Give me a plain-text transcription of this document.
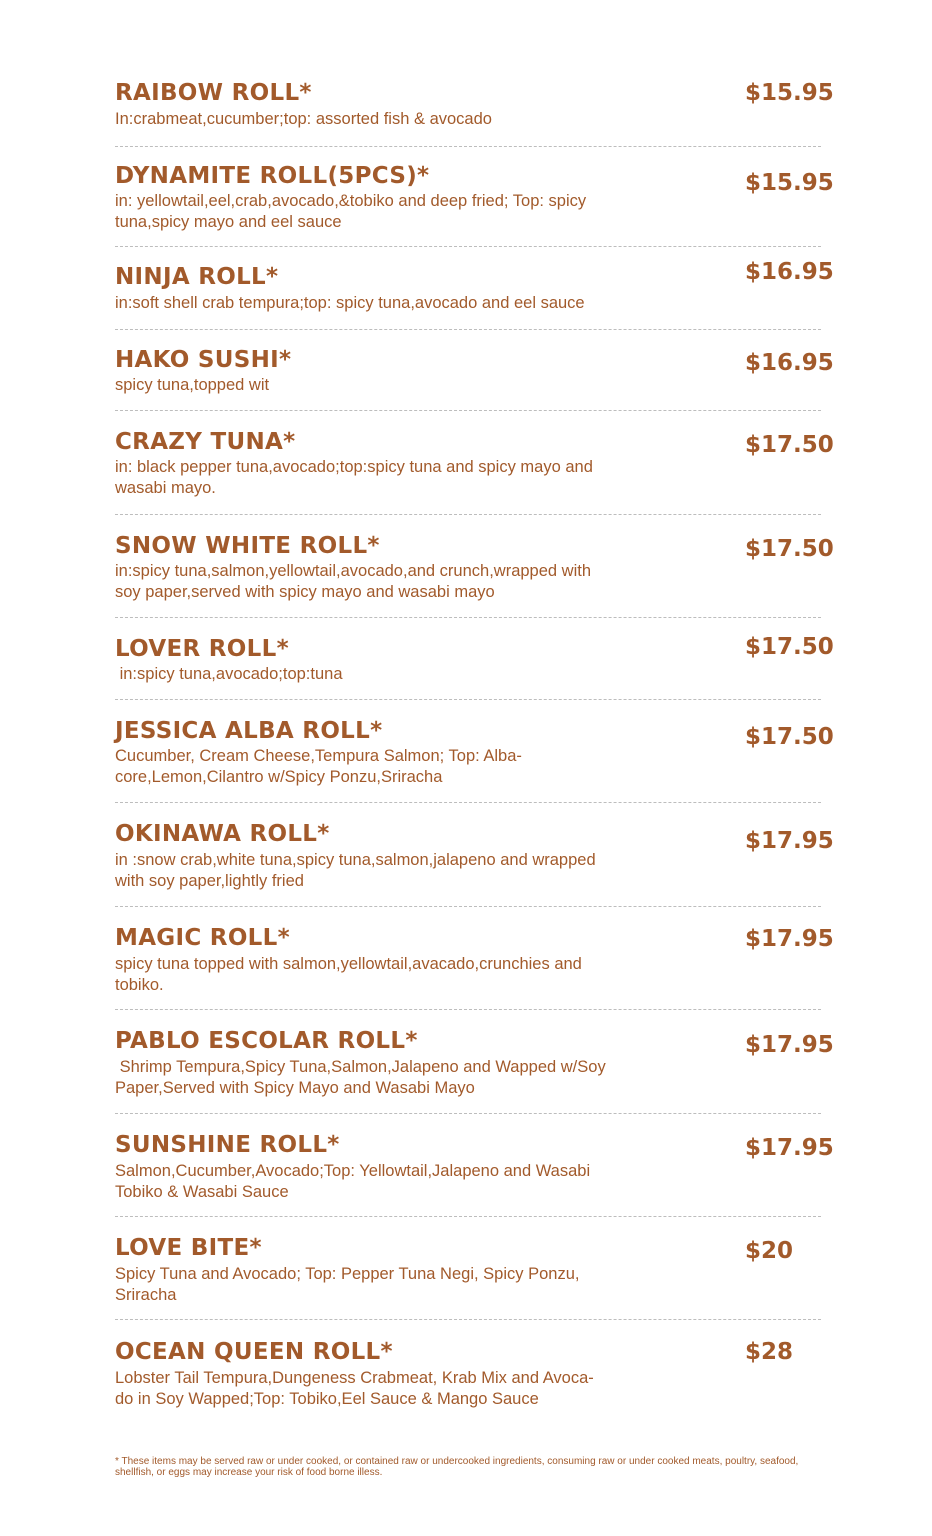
RAIBOW ROLL*	$15.95
In:crabmeat,cucumber;top: assorted fish & avocado
DYNAMITE ROLL(5PCS)*	$15.95
in: yellowtail,eel,crab,avocado,&tobiko and deep fried; Top: spicy
tuna,spicy mayo and eel sauce
NINJA ROLL*	$16.95
in:soft shell crab tempura;top: spicy tuna,avocado and eel sauce
HAKO SUSHI*	$16.95
spicy tuna,topped wit
CRAZY TUNA*	$17.50
in: black pepper tuna,avocado;top:spicy tuna and spicy mayo and
wasabi mayo.
SNOW WHITE ROLL*	$17.50
in:spicy tuna,salmon,yellowtail,avocado,and crunch,wrapped with
soy paper,served with spicy mayo and wasabi mayo
LOVER ROLL*	$17.50
in:spicy tuna,avocado;top:tuna
JESSICA ALBA ROLL*	$17.50
Cucumber, Cream Cheese,Tempura Salmon; Top: Alba-
core,Lemon,Cilantro w/Spicy Ponzu,Sriracha
OKINAWA ROLL*	$17.95
in :snow crab,white tuna,spicy tuna,salmon,jalapeno and wrapped
with soy paper,lightly fried
MAGIC ROLL*	$17.95
spicy tuna topped with salmon,yellowtail,avacado,crunchies and
tobiko.
PABLO ESCOLAR ROLL*	$17.95
Shrimp Tempura,Spicy Tuna,Salmon,Jalapeno and Wapped w/Soy
Paper,Served with Spicy Mayo and Wasabi Mayo
SUNSHINE ROLL*	$17.95
Salmon,Cucumber,Avocado;Top: Yellowtail,Jalapeno and Wasabi
Tobiko & Wasabi Sauce
LOVE BITE*	$20
Spicy Tuna and Avocado; Top: Pepper Tuna Negi, Spicy Ponzu,
Sriracha
OCEAN QUEEN ROLL*	$28
Lobster Tail Tempura,Dungeness Crabmeat, Krab Mix and Avoca-
do in Soy Wapped;Top: Tobiko,Eel Sauce & Mango Sauce
* These items may be served raw or under cooked, or contained raw or undercooked ingredients, consuming raw or under cooked meats, poultry, seafood, shellfish, or eggs may increase your risk of food borne illess.
